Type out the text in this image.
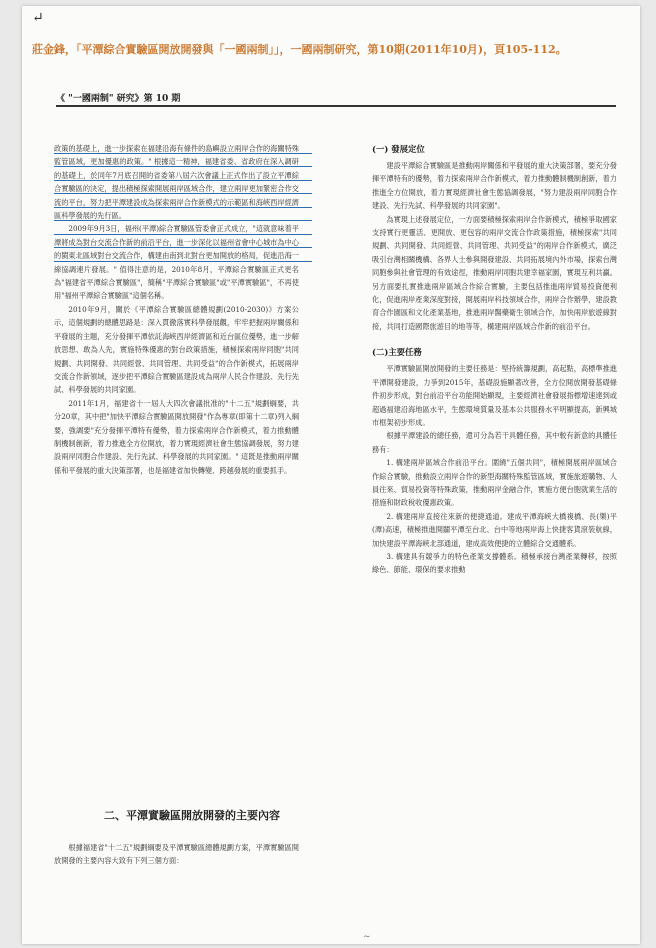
↵
莊金鋒，「平潭綜合實驗區開放開發與「一國兩制」」，一國兩制研究，第10期(2011年10月)，頁105-112。
《 "一國兩制" 研究》第 10 期

政策的基礎上，進一步探索在福建沿海有條件的島嶼設立兩岸合作的海關特殊監管區域，更加優惠的政策。" 根據這一精神，福建省委、省政府在深入調研的基礎上，於同年7月底召開的省委第八屆六次會議上正式作出了設立平潭綜合實驗區的決定，提出積極探索開展兩岸區域合作，建立兩岸更加緊密合作交流的平台，努力把平潭建設成為探索兩岸合作新模式的示範區和海峽西岸經濟區科學發展的先行區。

2009年9月3日，福州(平潭)綜合實驗區管委會正式成立，"這就意味着平潭將成為對台交流合作新的前沿平台，進一步深化以福州省會中心城市為中心的閩東北區域對台交流合作，構建由南到北對台更加開放的格局，促進沿海一線協調連片發展。" 值得注意的是，2010年8月，平潭綜合實驗區正式更名為"福建省平潭綜合實驗區"，簡稱"平潭綜合實驗區"或"平潭實驗區"，不再使用"福州平潭綜合實驗區"這個名稱。

2010年9月，關於《平潭綜合實驗區總體規劃(2010-2030)》方案公示，這個規劃的總體思路是：深入貫徹落實科學發展觀，牢牢把握兩岸關係和平發展的主題，充分發揮平潭依託海峽西岸經濟區和近台區位優勢，進一步解放思想、敢為人先，實施特殊優惠的對台政策措施，積極探索兩岸同胞"共同規劃、共同開發、共同經營、共同管理、共同受益"的合作新模式，拓展兩岸交流合作新領域，逐步把平潭綜合實驗區建設成為兩岸人民合作建設、先行先試、科學發展的共同家園。

2011年1月，福建省十一屆人大四次會議批准的"十二五"規劃綱要，共分20章，其中把"加快平潭綜合實驗區開放開發"作為專章(即第十二章)列入綱要，強調要"充分發揮平潭特有優勢，着力探索兩岸合作新模式，着力推動體制機制創新，着力推進全方位開放，着力實現經濟社會生態協調發展，努力建設兩岸同胞合作建設、先行先試、科學發展的共同家園。" 這既是推動兩岸關係和平發展的重大決策部署，也是福建省加快轉變、跨越發展的重要抓手。

二、平潭實驗區開放開發的主要內容

根據福建省"十二五"規劃綱要及平潭實驗區總體規劃方案，平潭實驗區開放開發的主要內容大致有下列三個方面：

(一) 發展定位

建設平潭綜合實驗區是推動兩岸關係和平發展的重大決策部署，要充分發揮平潭特有的優勢，着力探索兩岸合作新模式，着力推動體制機制創新，着力推進全方位開放，着力實現經濟社會生態協調發展，"努力建設兩岸同胞合作建設、先行先試、科學發展的共同家園"。

為實現上述發展定位，一方面要積極探索兩岸合作新模式，積極爭取國家支持實行更靈活、更開放、更包容的兩岸交流合作政策措施，積極探索"共同規劃、共同開發、共同經營、共同管理、共同受益"的兩岸合作新模式，廣泛吸引台灣相關機構、各界人士參與開發建設、共同拓展境內外市場，探索台灣同胞參與社會管理的有效途徑，推動兩岸同胞共建幸福家園，實現互利共贏。另方面要扎實推進兩岸區域合作綜合實驗，主要包括推進兩岸貿易投資便利化，促進兩岸產業深度對接，開展兩岸科技領域合作，兩岸合作辦學，建設教育合作園區和文化產業基地，推進兩岸醫藥衛生領域合作，加快兩岸旅遊線對接，共同打造國際旅遊目的地等等，構建兩岸區域合作新的前沿平台。

(二)主要任務

平潭實驗區開放開發的主要任務是：堅持統籌規劃，高起點，高標準推進平潭開發建設，力爭到2015年，基礎設施顯著改善，全方位開放開發基礎條件初步形成，對台前沿平台功能開始顯現，主要經濟社會發展指標增速達到或超過福建沿海地區水平，生態環境質量及基本公共服務水平明顯提高，新興城市框架初步形成。

根據平潭建設的總任務，還可分為若干具體任務，其中較有新意的具體任務有：

1. 構建兩岸區域合作前沿平台。圍繞"五個共同"，積極開展兩岸區域合作綜合實驗，推動設立兩岸合作的新型海關特殊監管區域，實施旅遊購物、人員往來、貿易投資等特殊政策，推動兩岸金融合作，實施方便台胞就業生活的措施和財政稅收優惠政策。

2. 構建兩岸直接往來新的便捷通道。建成平潭海峽大橋複橋、長(樂)平(潭)高速，積極推進開闢平潭至台北、台中等地兩岸海上快捷客貨滾裝航線，加快建設平潭海峽北部通道，建成高效便捷的立體綜合交通體系。

3. 構建具有競爭力的特色產業支撐體系。積極承接台灣產業轉移，按照綠色、節能、環保的要求推動

~
